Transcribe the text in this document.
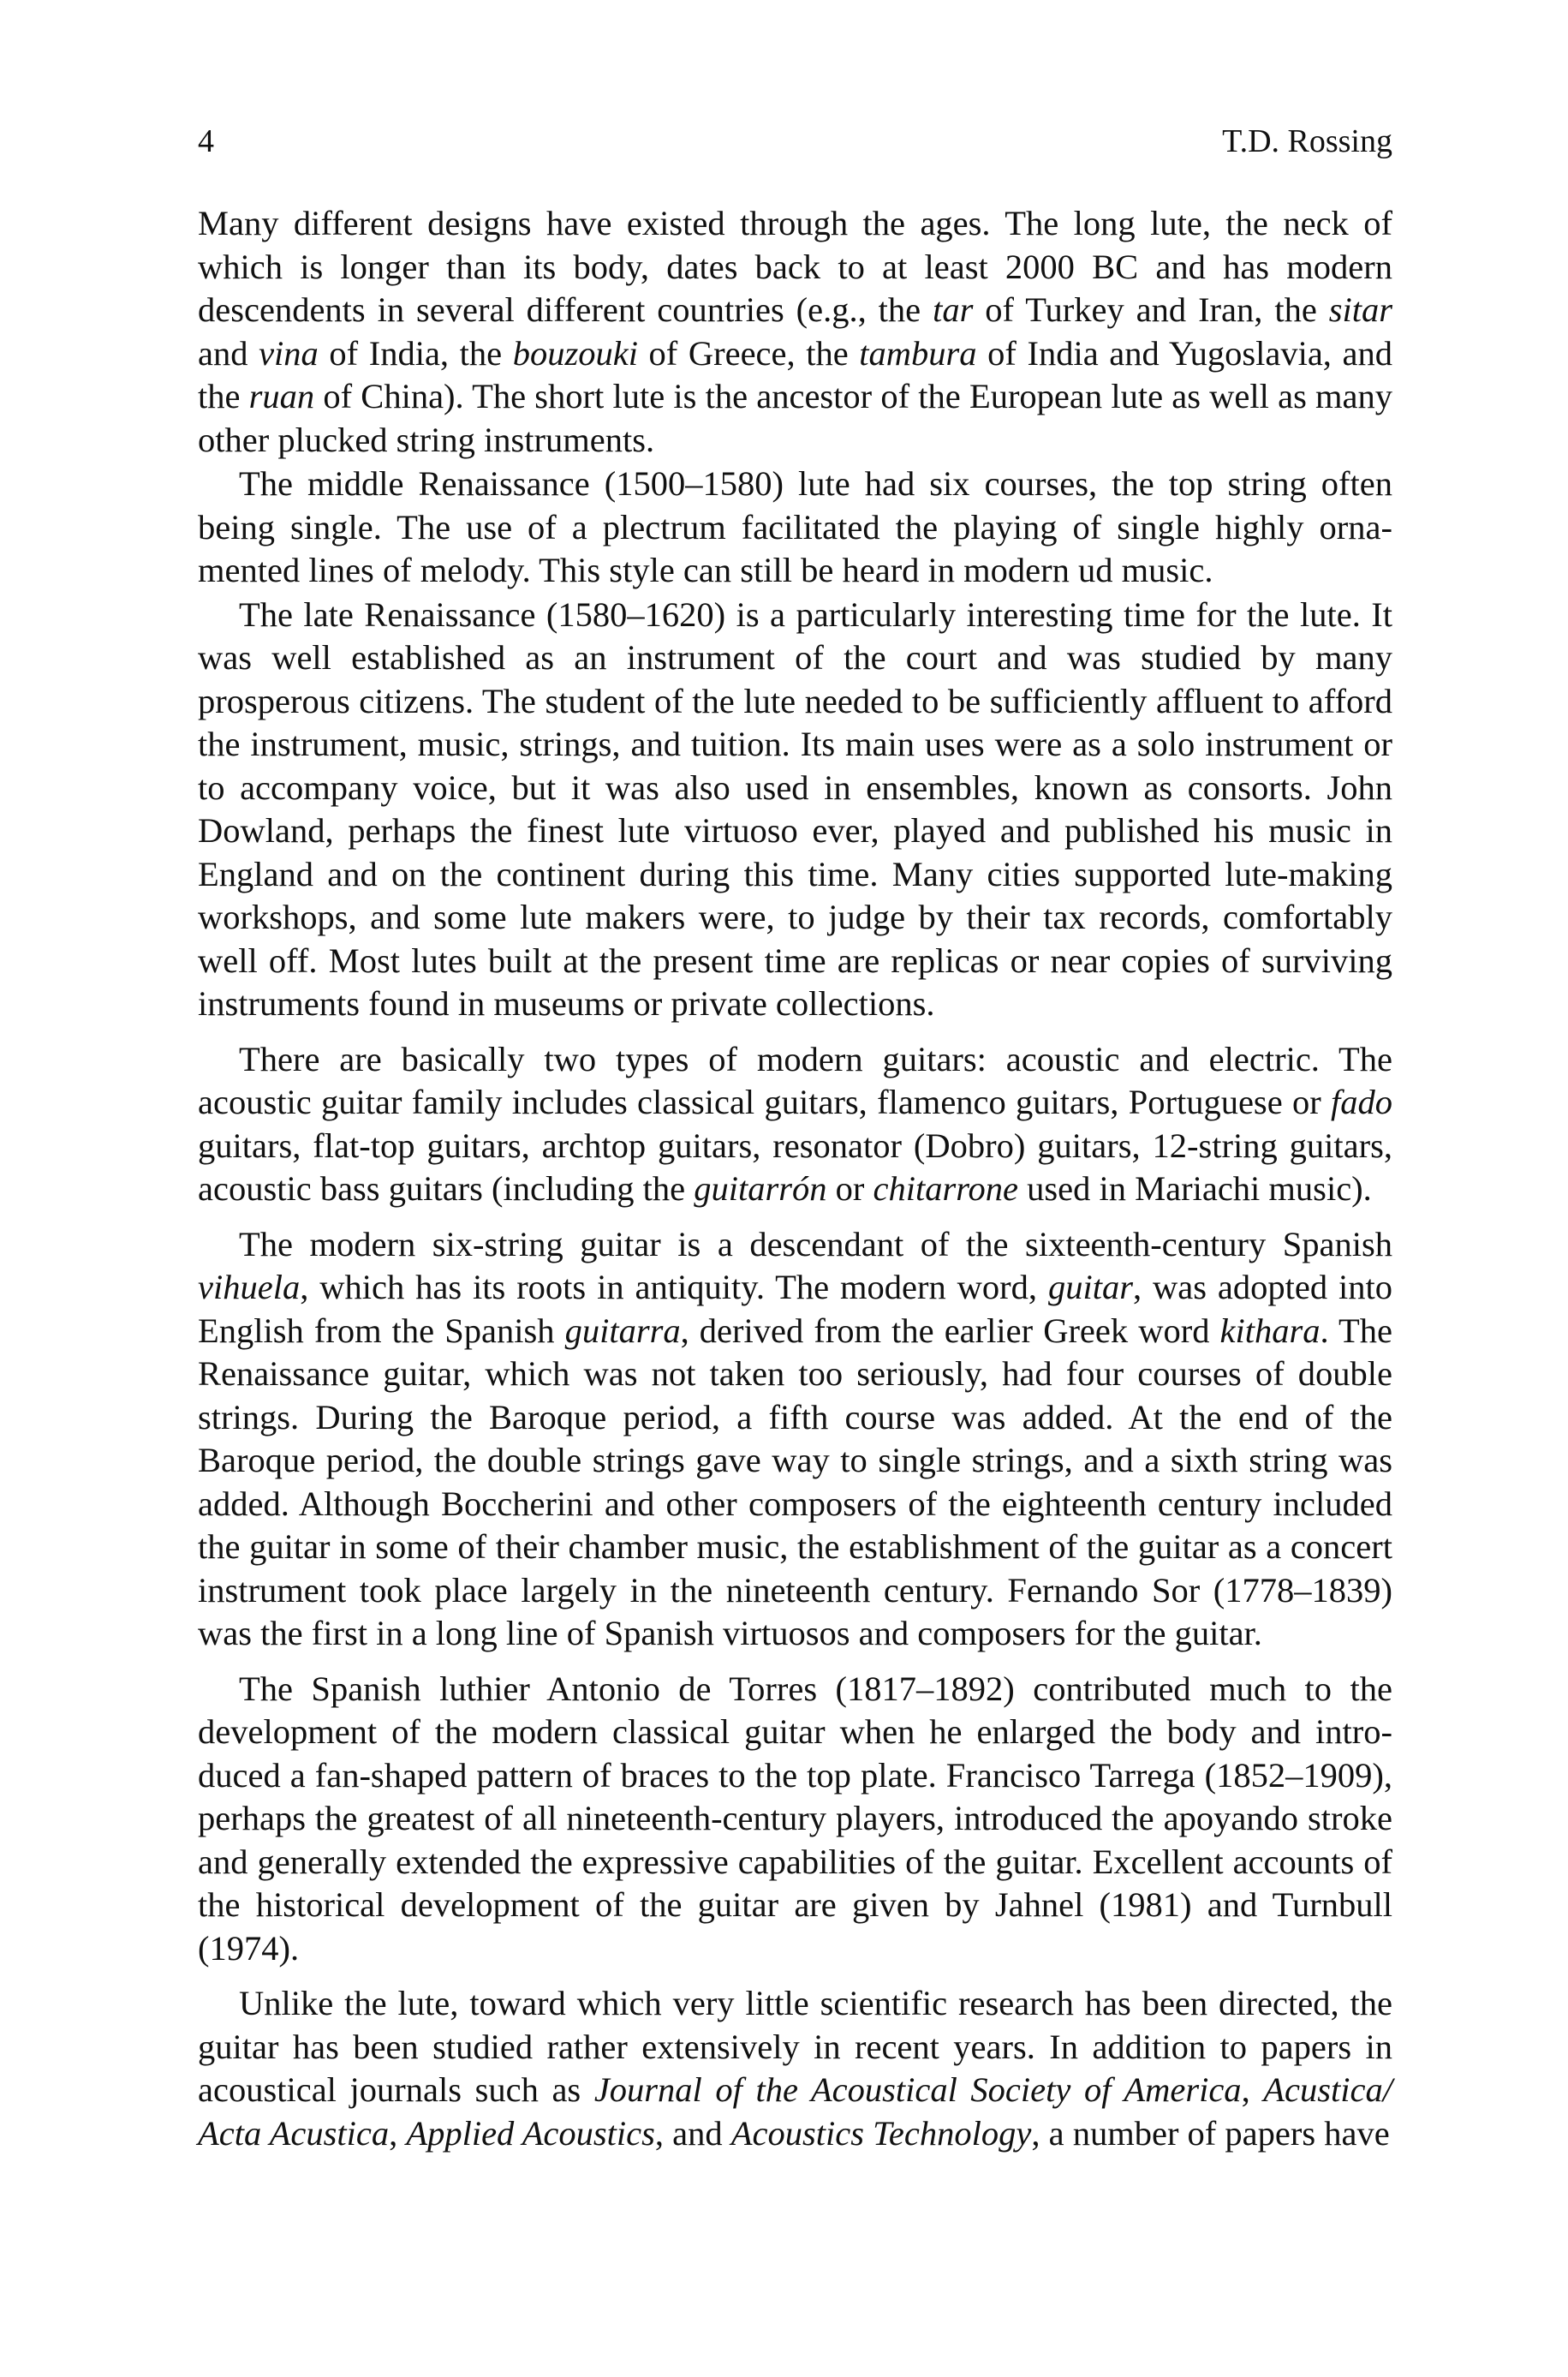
4	T.D. Rossing

Many different designs have existed through the ages. The long lute, the neck of which is longer than its body, dates back to at least 2000 BC and has modern descendents in several different countries (e.g., the tar of Turkey and Iran, the sitar and vina of India, the bouzouki of Greece, the tambura of India and Yugoslavia, and the ruan of China). The short lute is the ancestor of the European lute as well as many other plucked string instruments.

The middle Renaissance (1500–1580) lute had six courses, the top string often being single. The use of a plectrum facilitated the playing of single highly ornamented lines of melody. This style can still be heard in modern ud music.

The late Renaissance (1580–1620) is a particularly interesting time for the lute. It was well established as an instrument of the court and was studied by many prosperous citizens. The student of the lute needed to be sufficiently affluent to afford the instrument, music, strings, and tuition. Its main uses were as a solo instrument or to accompany voice, but it was also used in ensembles, known as consorts. John Dowland, perhaps the finest lute virtuoso ever, played and published his music in England and on the continent during this time. Many cities supported lute-making workshops, and some lute makers were, to judge by their tax records, comfortably well off. Most lutes built at the present time are replicas or near copies of surviving instruments found in museums or private collections.

There are basically two types of modern guitars: acoustic and electric. The acoustic guitar family includes classical guitars, flamenco guitars, Portuguese or fado guitars, flat-top guitars, archtop guitars, resonator (Dobro) guitars, 12-string guitars, acoustic bass guitars (including the guitarrón or chitarrone used in Mariachi music).

The modern six-string guitar is a descendant of the sixteenth-century Spanish vihuela, which has its roots in antiquity. The modern word, guitar, was adopted into English from the Spanish guitarra, derived from the earlier Greek word kithara. The Renaissance guitar, which was not taken too seriously, had four courses of double strings. During the Baroque period, a fifth course was added. At the end of the Baroque period, the double strings gave way to single strings, and a sixth string was added. Although Boccherini and other composers of the eighteenth century included the guitar in some of their chamber music, the establishment of the guitar as a concert instrument took place largely in the nineteenth century. Fernando Sor (1778–1839) was the first in a long line of Spanish virtuosos and composers for the guitar.

The Spanish luthier Antonio de Torres (1817–1892) contributed much to the development of the modern classical guitar when he enlarged the body and introduced a fan-shaped pattern of braces to the top plate. Francisco Tarrega (1852–1909), perhaps the greatest of all nineteenth-century players, introduced the apoyando stroke and generally extended the expressive capabilities of the guitar. Excellent accounts of the historical development of the guitar are given by Jahnel (1981) and Turnbull (1974).

Unlike the lute, toward which very little scientific research has been directed, the guitar has been studied rather extensively in recent years. In addition to papers in acoustical journals such as Journal of the Acoustical Society of America, Acustica/ Acta Acustica, Applied Acoustics, and Acoustics Technology, a number of papers have
